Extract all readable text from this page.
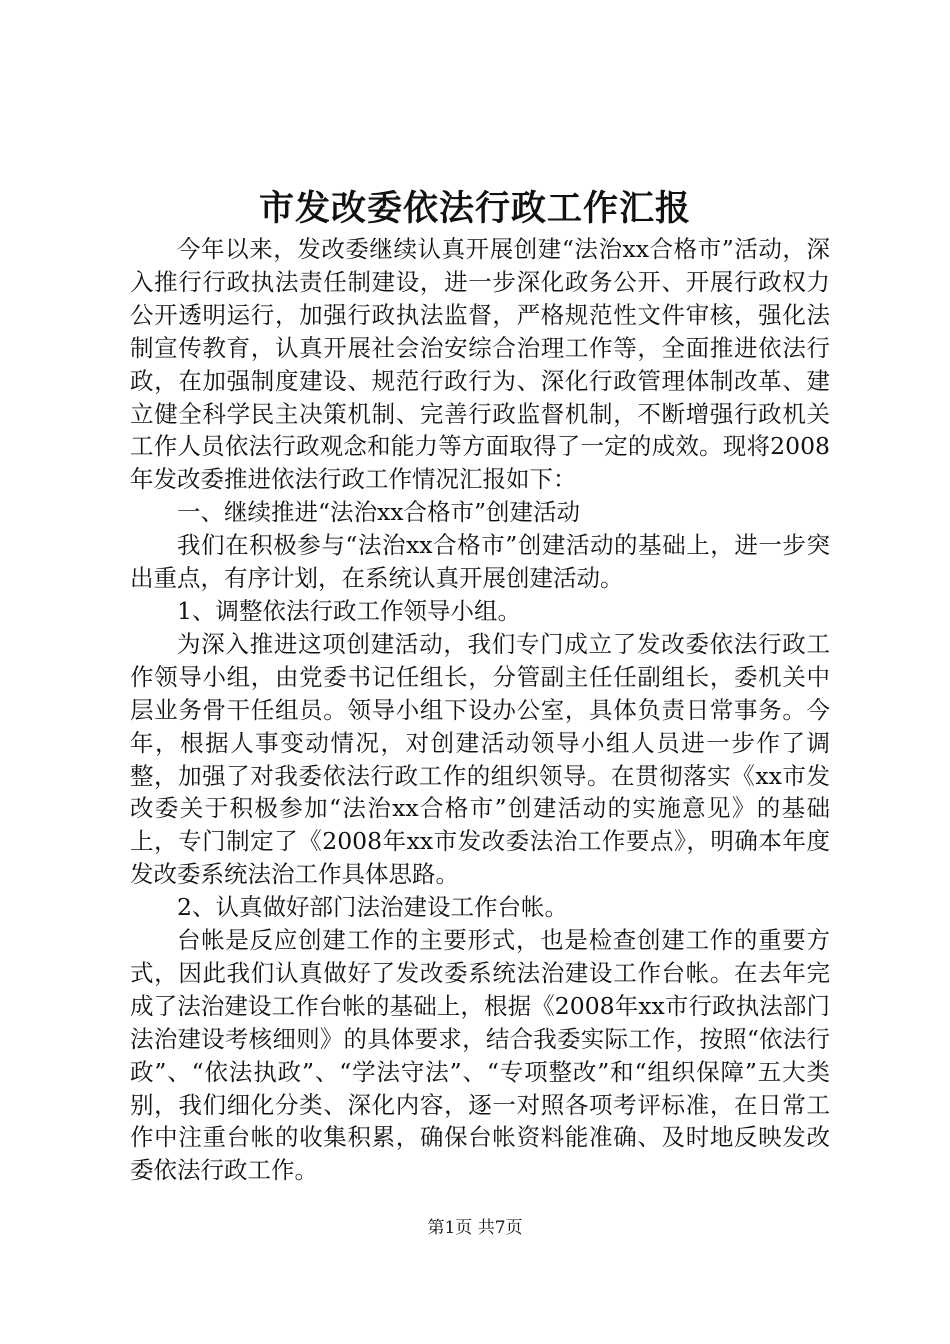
市发改委依法行政工作汇报

今年以来，发改委继续认真开展创建“法治xx合格市”活动，深入推行行政执法责任制建设，进一步深化政务公开、开展行政权力公开透明运行，加强行政执法监督，严格规范性文件审核，强化法制宣传教育，认真开展社会治安综合治理工作等，全面推进依法行政，在加强制度建设、规范行政行为、深化行政管理体制改革、建立健全科学民主决策机制、完善行政监督机制，不断增强行政机关工作人员依法行政观念和能力等方面取得了一定的成效。现将2008年发改委推进依法行政工作情况汇报如下：

一、继续推进“法治xx合格市”创建活动

我们在积极参与“法治xx合格市”创建活动的基础上，进一步突出重点，有序计划，在系统认真开展创建活动。

1、调整依法行政工作领导小组。

为深入推进这项创建活动，我们专门成立了发改委依法行政工作领导小组，由党委书记任组长，分管副主任任副组长，委机关中层业务骨干任组员。领导小组下设办公室，具体负责日常事务。今年，根据人事变动情况，对创建活动领导小组人员进一步作了调整，加强了对我委依法行政工作的组织领导。在贯彻落实《xx市发改委关于积极参加“法治xx合格市”创建活动的实施意见》的基础上，专门制定了《2008年xx市发改委法治工作要点》，明确本年度发改委系统法治工作具体思路。

2、认真做好部门法治建设工作台帐。

台帐是反应创建工作的主要形式，也是检查创建工作的重要方式，因此我们认真做好了发改委系统法治建设工作台帐。在去年完成了法治建设工作台帐的基础上，根据《2008年xx市行政执法部门法治建设考核细则》的具体要求，结合我委实际工作，按照“依法行政”、“依法执政”、“学法守法”、“专项整改”和“组织保障”五大类别，我们细化分类、深化内容，逐一对照各项考评标准，在日常工作中注重台帐的收集积累，确保台帐资料能准确、及时地反映发改委依法行政工作。

第1页 共7页
